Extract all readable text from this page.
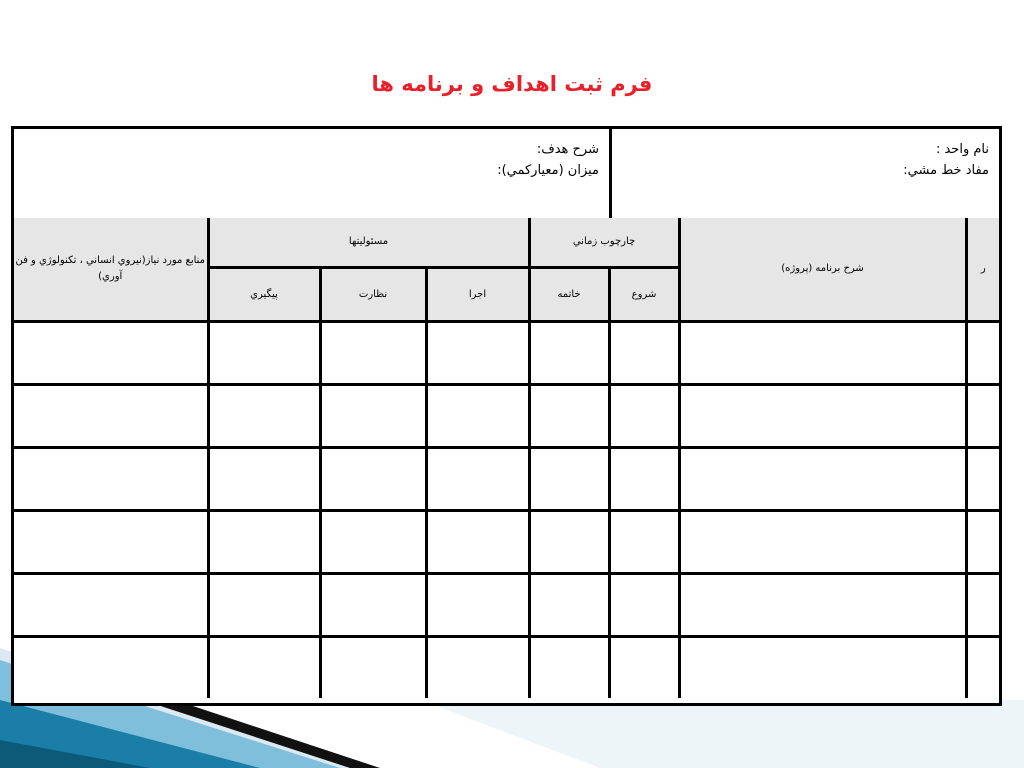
فرم ثبت اهداف و برنامه ها
نام واحد :
مفاد خط مشي:
شرح هدف:
ميزان (معياركمي):
ر	شرح برنامه (پروژه)	چارچوب زماني		مسئوليتها			منابع مورد نياز(نيروي انساني ، تكنولوژي و فن آوري)
		شروع	خاتمه	اجرا	نظارت	پيگيري	
